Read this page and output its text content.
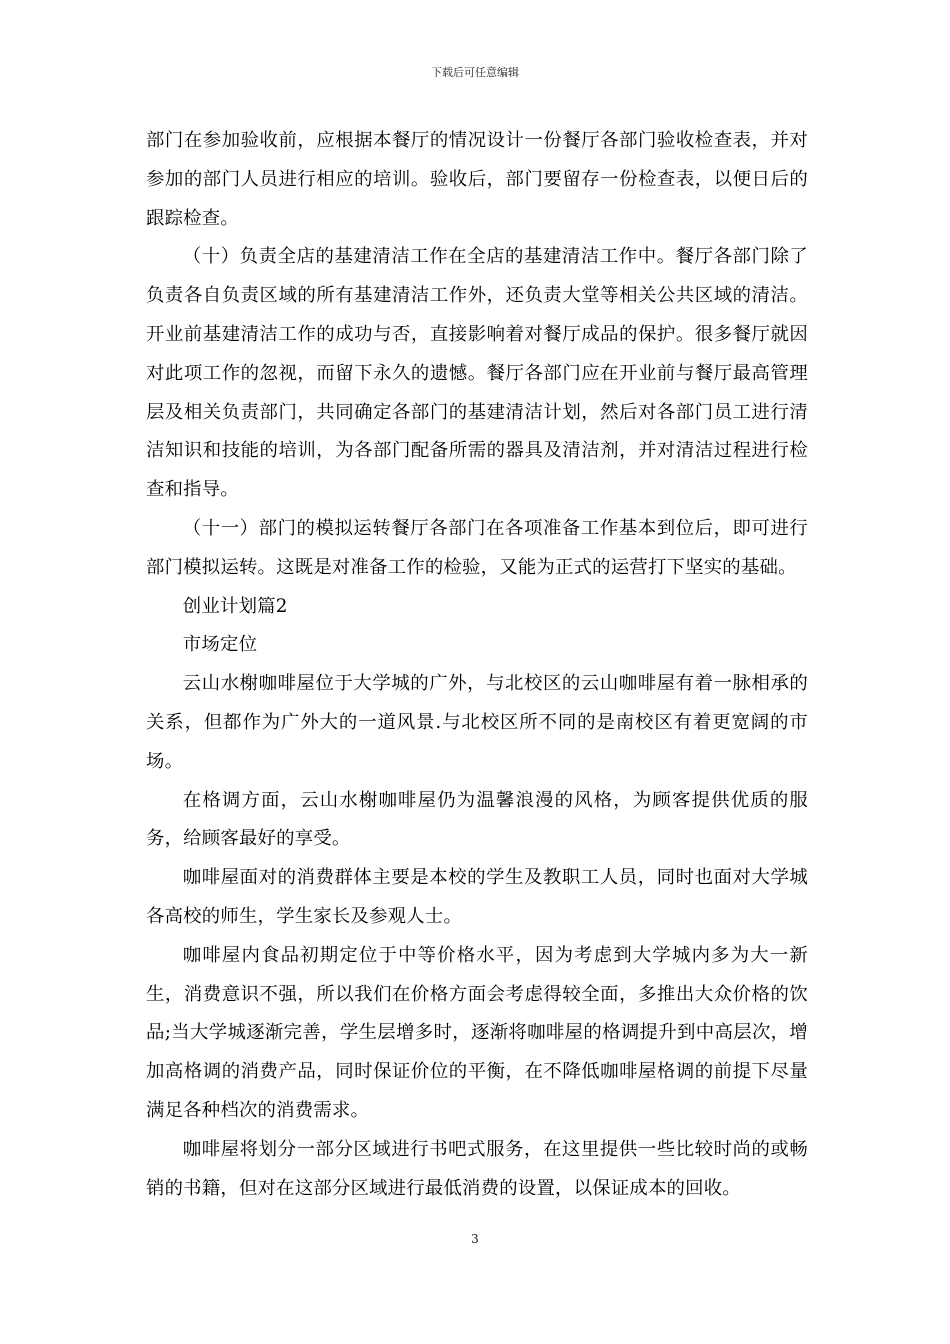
下载后可任意编辑

部门在参加验收前，应根据本餐厅的情况设计一份餐厅各部门验收检查表，并对参加的部门人员进行相应的培训。验收后，部门要留存一份检查表，以便日后的跟踪检查。

（十）负责全店的基建清洁工作在全店的基建清洁工作中。餐厅各部门除了负责各自负责区域的所有基建清洁工作外，还负责大堂等相关公共区域的清洁。开业前基建清洁工作的成功与否，直接影响着对餐厅成品的保护。很多餐厅就因对此项工作的忽视，而留下永久的遗憾。餐厅各部门应在开业前与餐厅最高管理层及相关负责部门，共同确定各部门的基建清洁计划，然后对各部门员工进行清洁知识和技能的培训，为各部门配备所需的器具及清洁剂，并对清洁过程进行检查和指导。

（十一）部门的模拟运转餐厅各部门在各项准备工作基本到位后，即可进行部门模拟运转。这既是对准备工作的检验，又能为正式的运营打下坚实的基础。

创业计划篇2

市场定位

云山水榭咖啡屋位于大学城的广外，与北校区的云山咖啡屋有着一脉相承的关系，但都作为广外大的一道风景.与北校区所不同的是南校区有着更宽阔的市场。

在格调方面，云山水榭咖啡屋仍为温馨浪漫的风格，为顾客提供优质的服务，给顾客最好的享受。

咖啡屋面对的消费群体主要是本校的学生及教职工人员，同时也面对大学城各高校的师生，学生家长及参观人士。

咖啡屋内食品初期定位于中等价格水平，因为考虑到大学城内多为大一新生，消费意识不强，所以我们在价格方面会考虑得较全面，多推出大众价格的饮品;当大学城逐渐完善，学生层增多时，逐渐将咖啡屋的格调提升到中高层次，增加高格调的消费产品，同时保证价位的平衡，在不降低咖啡屋格调的前提下尽量满足各种档次的消费需求。

咖啡屋将划分一部分区域进行书吧式服务，在这里提供一些比较时尚的或畅销的书籍，但对在这部分区域进行最低消费的设置，以保证成本的回收。

3
